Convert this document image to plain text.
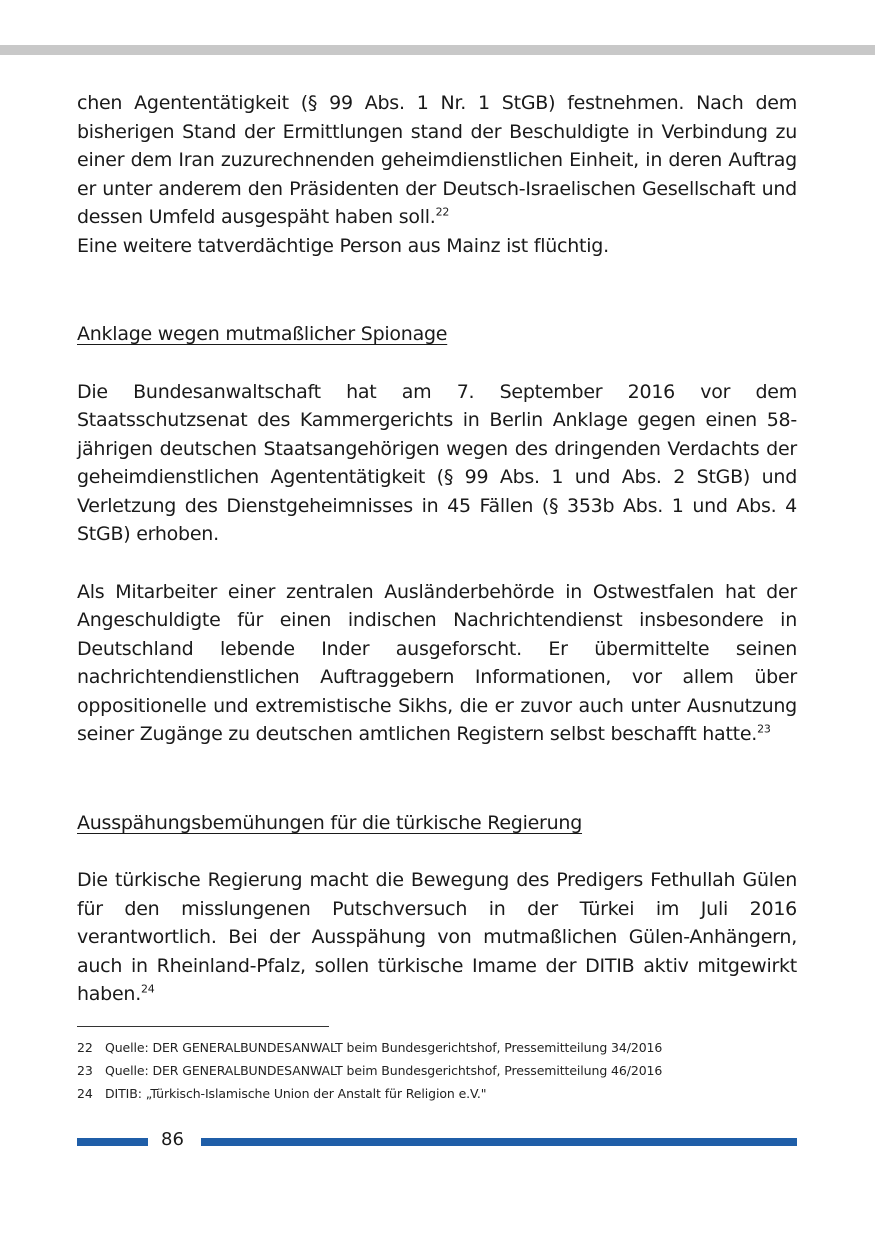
chen Agententätigkeit (§ 99 Abs. 1 Nr. 1 StGB) festnehmen. Nach dem bisherigen Stand der Ermittlungen stand der Beschuldigte in Verbindung zu einer dem Iran zuzurechnenden geheimdienstlichen Einheit, in deren Auftrag er unter anderem den Präsidenten der Deutsch-Israelischen Gesellschaft und dessen Umfeld ausgespäht haben soll.$^{22}$

Eine weitere tatverdächtige Person aus Mainz ist flüchtig.

Anklage wegen mutmaßlicher Spionage

Die Bundesanwaltschaft hat am 7. September 2016 vor dem Staatsschutzsenat des Kammergerichts in Berlin Anklage gegen einen 58-jährigen deutschen Staatsangehörigen wegen des dringenden Verdachts der geheimdienstlichen Agententätigkeit (§ 99 Abs. 1 und Abs. 2 StGB) und Verletzung des Dienstgeheimnisses in 45 Fällen (§ 353b Abs. 1 und Abs. 4 StGB) erhoben.

Als Mitarbeiter einer zentralen Ausländerbehörde in Ostwestfalen hat der Angeschuldigte für einen indischen Nachrichtendienst insbesondere in Deutschland lebende Inder ausgeforscht. Er übermittelte seinen nachrichtendienstlichen Auftraggebern Informationen, vor allem über oppositionelle und extremistische Sikhs, die er zuvor auch unter Ausnutzung seiner Zugänge zu deutschen amtlichen Registern selbst beschafft hatte.$^{23}$

Ausspähungsbemühungen für die türkische Regierung

Die türkische Regierung macht die Bewegung des Predigers Fethullah Gülen für den misslungenen Putschversuch in der Türkei im Juli 2016 verantwortlich. Bei der Ausspähung von mutmaßlichen Gülen-Anhängern, auch in Rheinland-Pfalz, sollen türkische Imame der DITIB aktiv mitgewirkt haben.$^{24}$

22 Quelle: DER GENERALBUNDESANWALT beim Bundesgerichtshof, Pressemitteilung 34/2016
23 Quelle: DER GENERALBUNDESANWALT beim Bundesgerichtshof, Pressemitteilung 46/2016
24 DITIB: „Türkisch-Islamische Union der Anstalt für Religion e.V."
86
